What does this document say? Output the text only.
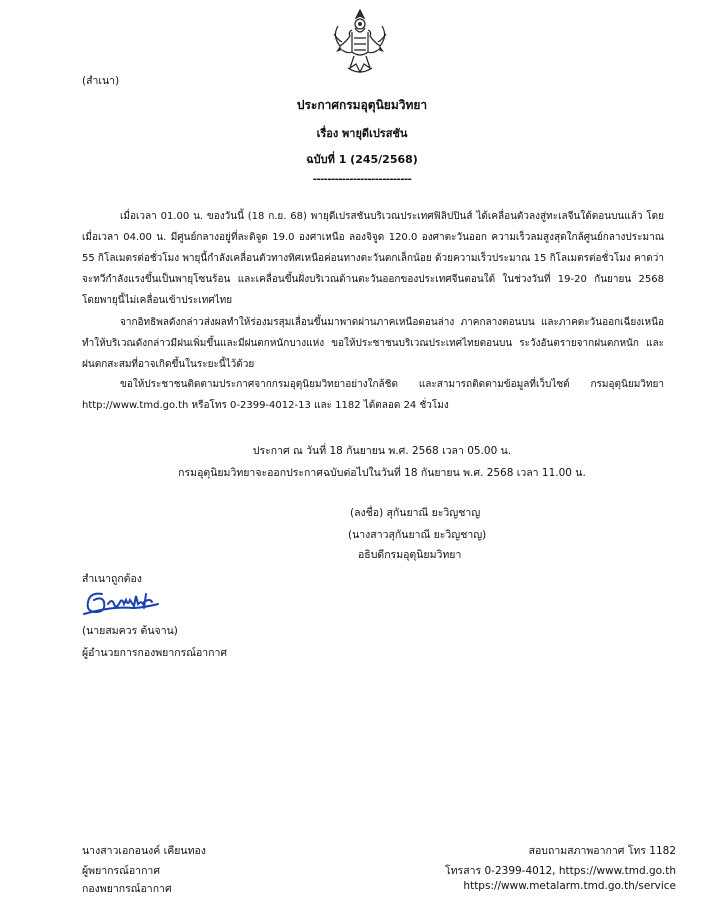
(สำเนา)
ประกาศกรมอุตุนิยมวิทยา
เรื่อง พายุดีเปรสชัน
ฉบับที่ 1 (245/2568)
---------------------------
เมื่อเวลา 01.00 น. ของวันนี้ (18 ก.ย. 68) พายุดีเปรสชันบริเวณประเทศฟิลิปปินส์ ได้เคลื่อนตัวลงสู่ทะเลจีนใต้ตอนบนแล้ว โดยเมื่อเวลา 04.00 น. มีศูนย์กลางอยู่ที่ละติจูด 19.0 องศาเหนือ ลองจิจูด 120.0 องศาตะวันออก ความเร็วลมสูงสุดใกล้ศูนย์กลางประมาณ 55 กิโลเมตรต่อชั่วโมง พายุนี้กำลังเคลื่อนตัวทางทิศเหนือค่อนทางตะวันตกเล็กน้อย ด้วยความเร็วประมาณ 15 กิโลเมตรต่อชั่วโมง คาดว่าจะทวีกำลังแรงขึ้นเป็นพายุโซนร้อน และเคลื่อนขึ้นฝั่งบริเวณด้านตะวันออกของประเทศจีนตอนใต้ ในช่วงวันที่ 19-20 กันยายน 2568 โดยพายุนี้ไม่เคลื่อนเข้าประเทศไทย
จากอิทธิพลดังกล่าวส่งผลทำให้ร่องมรสุมเลื่อนขึ้นมาพาดผ่านภาคเหนือตอนล่าง ภาคกลางตอนบน และภาคตะวันออกเฉียงเหนือ ทำให้บริเวณดังกล่าวมีฝนเพิ่มขึ้นและมีฝนตกหนักบางแห่ง ขอให้ประชาชนบริเวณประเทศไทยตอนบน ระวังอันตรายจากฝนตกหนัก และฝนตกสะสมที่อาจเกิดขึ้นในระยะนี้ไว้ด้วย
ขอให้ประชาชนติดตามประกาศจากกรมอุตุนิยมวิทยาอย่างใกล้ชิด และสามารถติดตามข้อมูลที่เว็บไซต์ กรมอุตุนิยมวิทยา http://www.tmd.go.th หรือโทร 0-2399-4012-13 และ 1182 ได้ตลอด 24 ชั่วโมง
ประกาศ ณ วันที่ 18 กันยายน พ.ศ. 2568 เวลา 05.00 น.
กรมอุตุนิยมวิทยาจะออกประกาศฉบับต่อไปในวันที่ 18 กันยายน พ.ศ. 2568 เวลา 11.00 น.
(ลงชื่อ) สุกันยาณี ยะวิญชาญ
(นางสาวสุกันยาณี ยะวิญชาญ)
อธิบดีกรมอุตุนิยมวิทยา
สำเนาถูกต้อง
(นายสมควร ต้นจาน)
ผู้อำนวยการกองพยากรณ์อากาศ
นางสาวเอกอนงค์ เคียนทอง
ผู้พยากรณ์อากาศ
กองพยากรณ์อากาศ
สอบถามสภาพอากาศ โทร 1182
โทรสาร 0-2399-4012, https://www.tmd.go.th
https://www.metalarm.tmd.go.th/service
